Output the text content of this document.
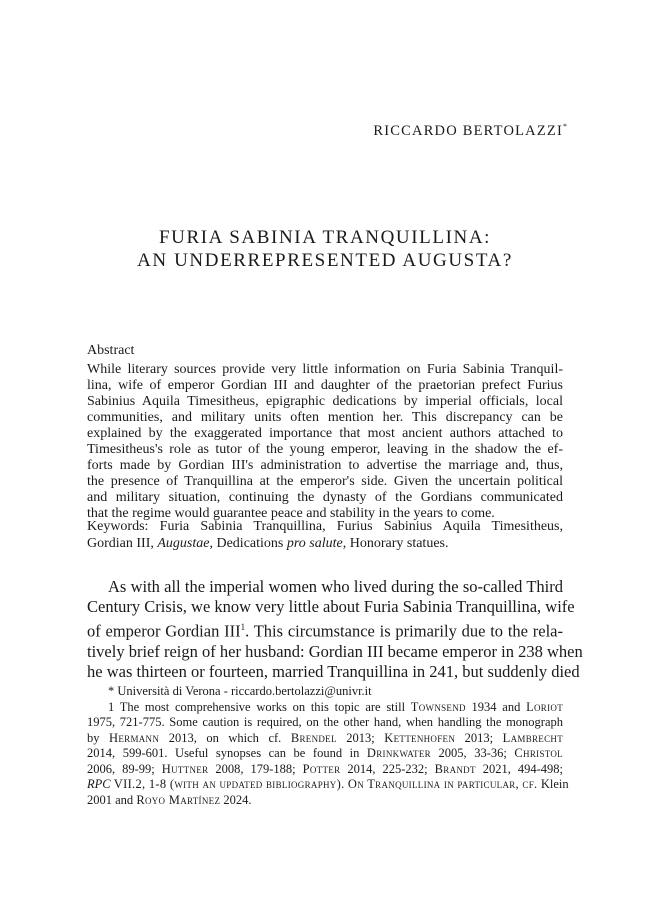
RICCARDO BERTOLAZZI*
FURIA SABINIA TRANQUILLINA:
AN UNDERREPRESENTED AUGUSTA?
Abstract
While literary sources provide very little information on Furia Sabinia Tranquil-
lina, wife of emperor Gordian III and daughter of the praetorian prefect Furius
Sabinius Aquila Timesitheus, epigraphic dedications by imperial officials, local
communities, and military units often mention her. This discrepancy can be
explained by the exaggerated importance that most ancient authors attached to
Timesitheus's role as tutor of the young emperor, leaving in the shadow the ef-
forts made by Gordian III's administration to advertise the marriage and, thus,
the presence of Tranquillina at the emperor's side. Given the uncertain political
and military situation, continuing the dynasty of the Gordians communicated
that the regime would guarantee peace and stability in the years to come.
Keywords: Furia Sabinia Tranquillina, Furius Sabinius Aquila Timesitheus,
Gordian III, Augustae, Dedications pro salute, Honorary statues.
As with all the imperial women who lived during the so-called Third
Century Crisis, we know very little about Furia Sabinia Tranquillina, wife
of emperor Gordian III$^1$. This circumstance is primarily due to the rela-
tively brief reign of her husband: Gordian III became emperor in 238 when
he was thirteen or fourteen, married Tranquillina in 241, but suddenly died
* Università di Verona - riccardo.bertolazzi@univr.it
1 The most comprehensive works on this topic are still Townsend 1934 and Loriot
1975, 721-775. Some caution is required, on the other hand, when handling the monograph
by Hermann 2013, on which cf. Brendel 2013; Kettenhofen 2013; Lambrecht
2014, 599-601. Useful synopses can be found in Drinkwater 2005, 33-36; Christol
2006, 89-99; Huttner 2008, 179-188; Potter 2014, 225-232; Brandt 2021, 494-498;
RPC VII.2, 1-8 (with an updated bibliography). On Tranquillina in particular, cf. Klein
2001 and Royo Martínez 2024.
